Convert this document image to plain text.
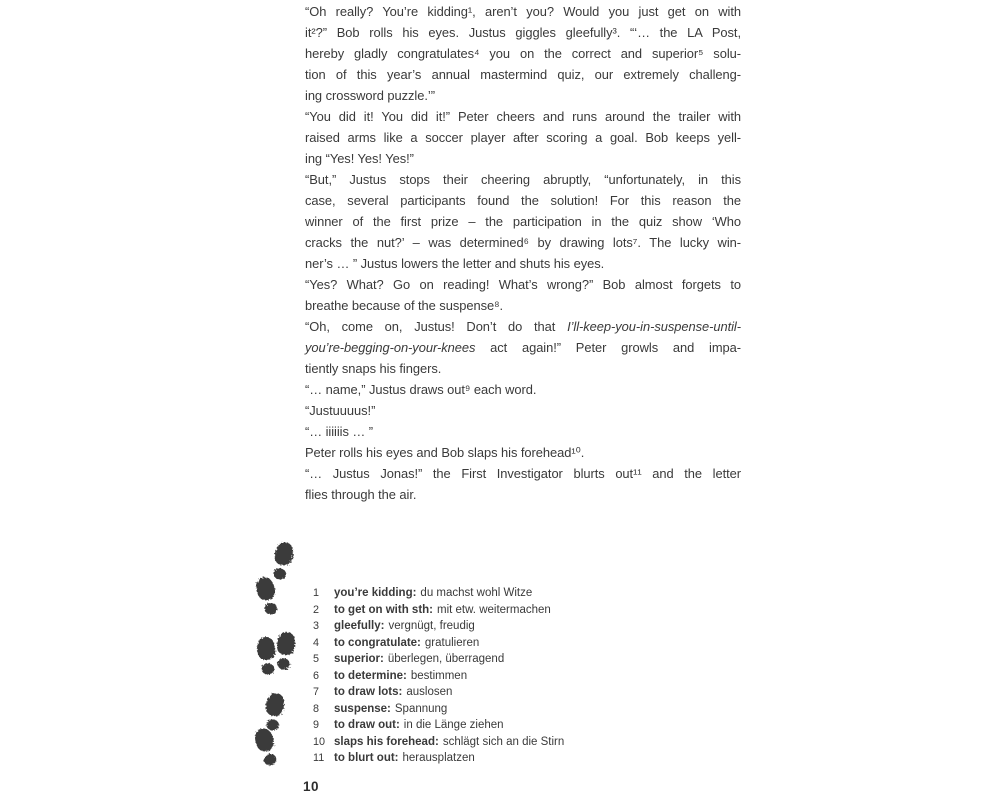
“Oh really? You’re kidding¹, aren’t you? Would you just get on with
it²?” Bob rolls his eyes. Justus giggles gleefully³. “‘… the LA Post,
hereby gladly congratulates⁴ you on the correct and superior⁵ solu-
tion of this year’s annual mastermind quiz, our extremely challeng-
ing crossword puzzle.’”
“You did it! You did it!” Peter cheers and runs around the trailer with
raised arms like a soccer player after scoring a goal. Bob keeps yell-
ing “Yes! Yes! Yes!”
“But,” Justus stops their cheering abruptly, “unfortunately, in this
case, several participants found the solution! For this reason the
winner of the first prize – the participation in the quiz show ‘Who
cracks the nut?’ – was determined⁶ by drawing lots⁷. The lucky win-
ner’s … ” Justus lowers the letter and shuts his eyes.
“Yes? What? Go on reading! What’s wrong?” Bob almost forgets to
breathe because of the suspense⁸.
“Oh, come on, Justus! Don’t do that I’ll-keep-you-in-suspense-until-
you’re-begging-on-your-knees act again!” Peter growls and impa-
tiently snaps his fingers.
“… name,” Justus draws out⁹ each word.
“Justuuuus!”
“… iiiiiis … ”
Peter rolls his eyes and Bob slaps his forehead¹⁰.
“… Justus Jonas!” the First Investigator blurts out¹¹ and the letter
flies through the air.
1	you’re kidding: du machst wohl Witze
2	to get on with sth: mit etw. weitermachen
3	gleefully: vergnügt, freudig
4	to congratulate: gratulieren
5	superior: überlegen, überragend
6	to determine: bestimmen
7	to draw lots: auslosen
8	suspense: Spannung
9	to draw out: in die Länge ziehen
10 slaps his forehead: schlägt sich an die Stirn
11 to blurt out: herausplatzen
10
